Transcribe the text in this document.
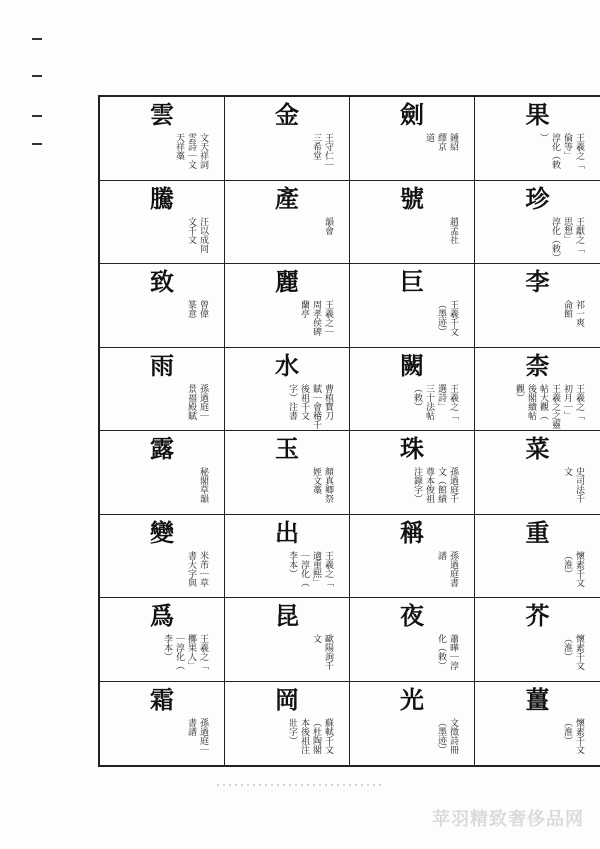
雲
文天祥詞
雲詩｜文
天祥藁
金
王守仁｜
三希堂
劍
鍾紹
繹京
道
果
王羲之「
倫等」
淳化（敕
）
騰
汪以成同
文千文
產
韻會
號
趙孟社
珍
王獻之「
思想」
淳化（敕）
致
曾偉
篆意
麗
王羲之｜
周孝侯碑
蘭亭
巨
王羲千文
（墨迹）
李
祁一爽
侖館
雨
孫過庭｜
景福殿賦
水
曹植寶刀
賦｜會稽千
後祖千文
字）注書
闕
王羲之「
選詩」
三十法帖
（敕）
柰
王羲之「
初月｜」
王羲之之靈
帖大觀（
後閣續帖
觀）
露
秘閣草韻
玉
顏真卿祭
姪文藁
珠
孫過庭千
文（館績
尊本俊祖
注錄字）
菜
史司法千
文
變
米芾｜草
書大字與
出
王羲之「
適重熙」
｜淳化（
李本）
稱
孫過庭書
譜
重
懷素千文
（淮）
爲
王羲之「
擲果人」
｜淳化（
李本）
昆
歐陽詢千
文
夜
蕭曄｜淳
化（敕）
芥
懷素千文
（淮）
霜
孫過庭｜
書譜
岡
蘇軾千文
（杜陶閣
本後祖注
壯字）
光
文徵詩冊
（墨迹）
薑
懷素千文
（淮）
苹羽精致奢侈品网
